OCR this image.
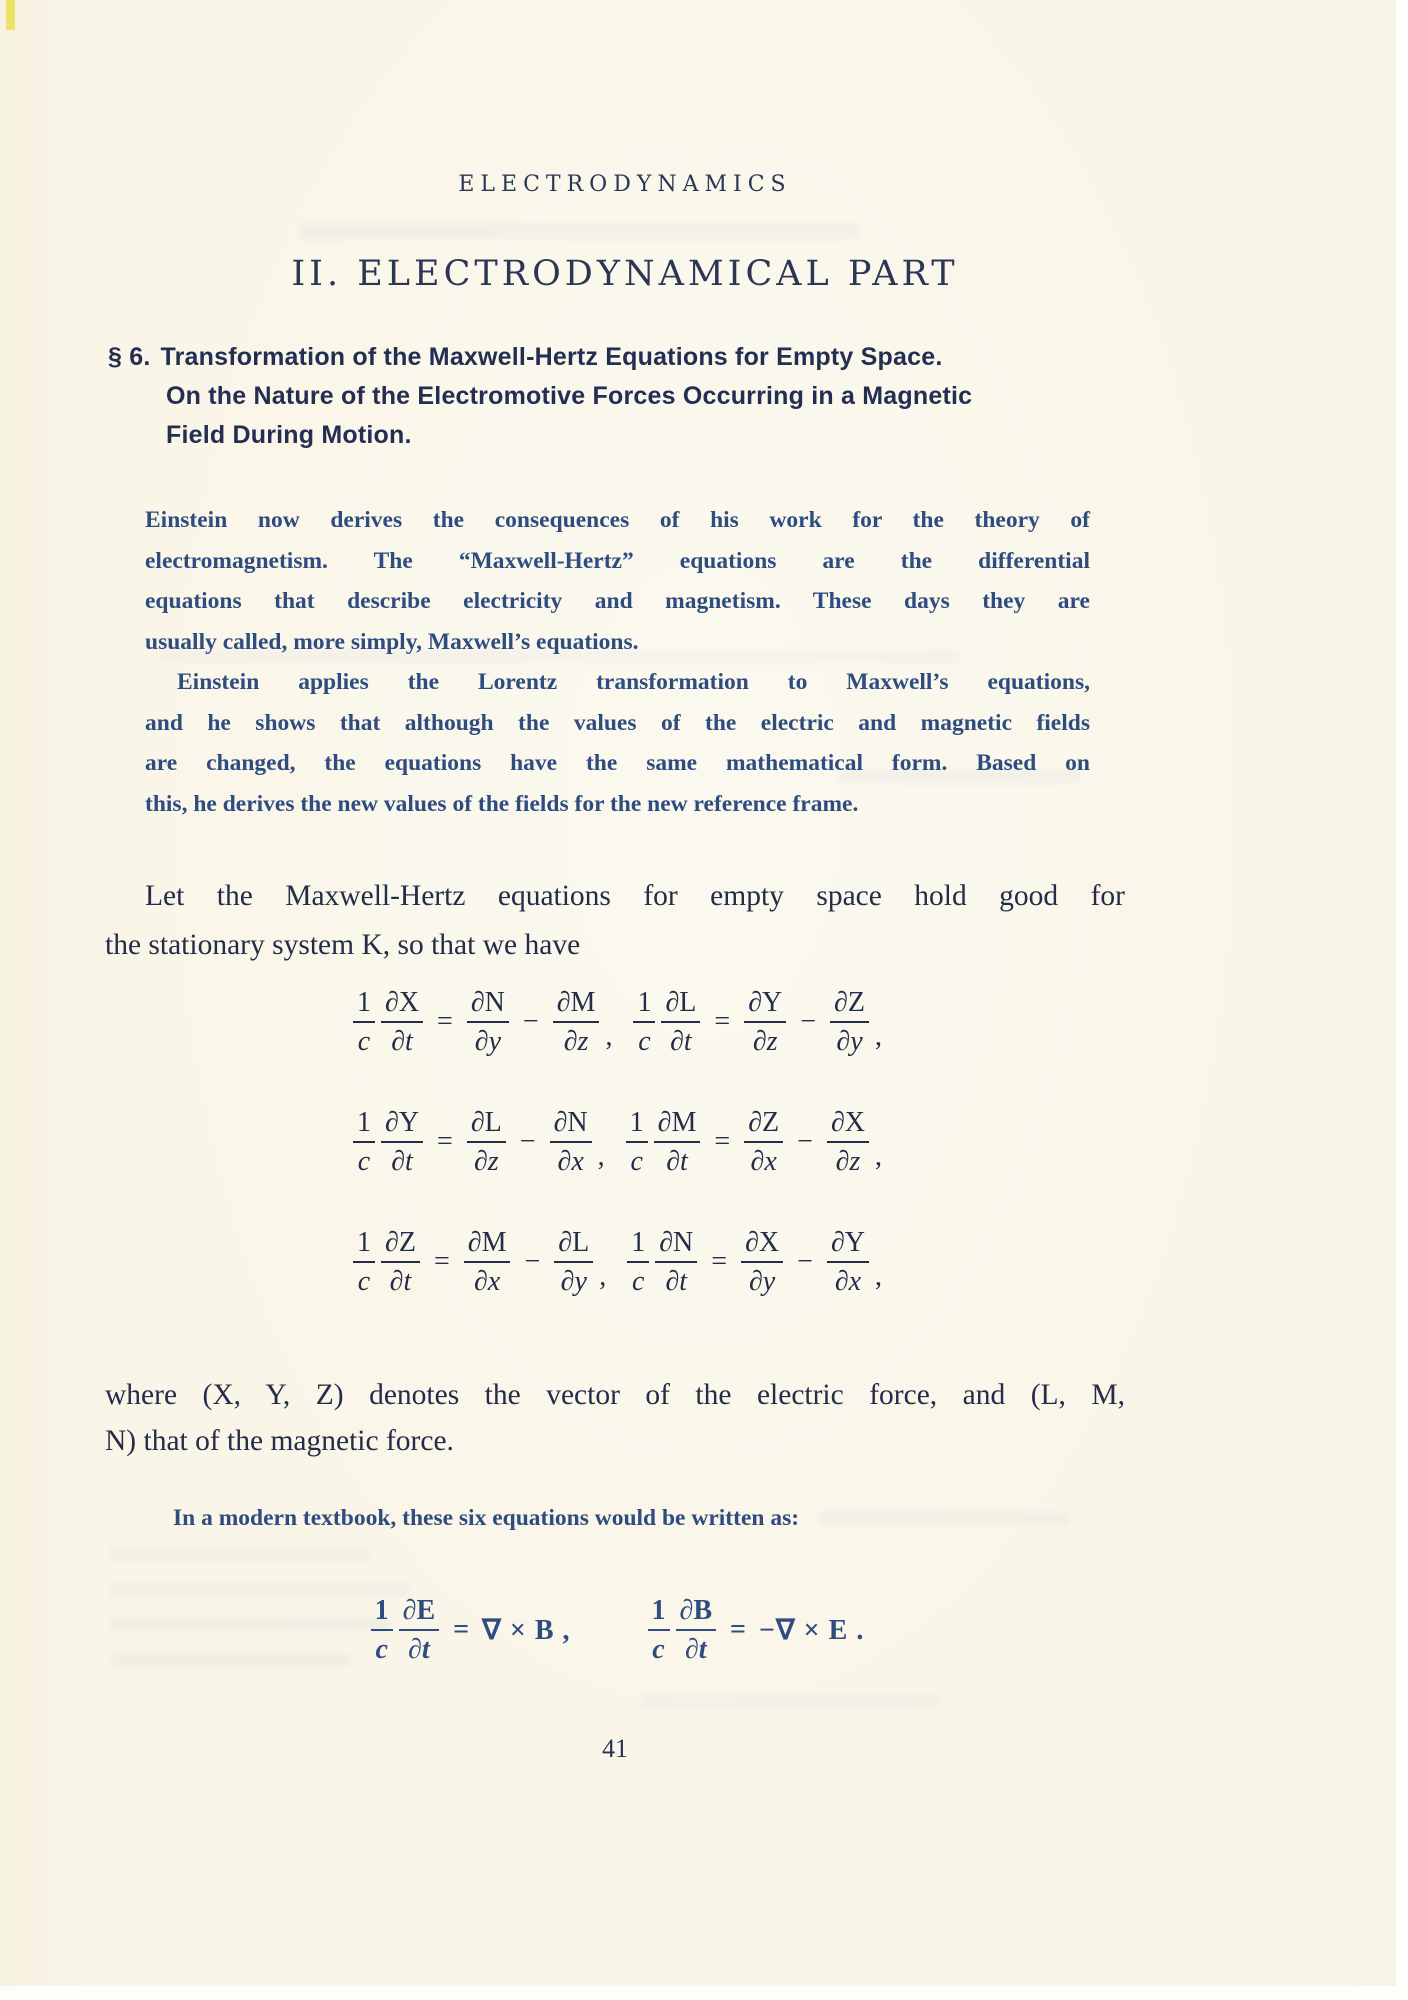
ELECTRODYNAMICS
II. ELECTRODYNAMICAL PART
§ 6. Transformation of the Maxwell-Hertz Equations for Empty Space.
On the Nature of the Electromotive Forces Occurring in a Magnetic
Field During Motion.
Einstein now derives the consequences of his work for the theory of
electromagnetism. The “Maxwell-Hertz” equations are the differential
equations that describe electricity and magnetism. These days they are
usually called, more simply, Maxwell’s equations.
Einstein applies the Lorentz transformation to Maxwell’s equations,
and he shows that although the values of the electric and magnetic fields
are changed, the equations have the same mathematical form. Based on
this, he derives the new values of the fields for the new reference frame.
Let the Maxwell-Hertz equations for empty space hold good for
the stationary system K, so that we have
$\frac{1}{c} \frac{\partial X}{\partial t} = \frac{\partial N}{\partial y} - \frac{\partial M}{\partial z}$ , $\frac{1}{c} \frac{\partial L}{\partial t} = \frac{\partial Y}{\partial z} - \frac{\partial Z}{\partial y}$ ,
$\frac{1}{c} \frac{\partial Y}{\partial t} = \frac{\partial L}{\partial z} - \frac{\partial N}{\partial x}$ , $\frac{1}{c} \frac{\partial M}{\partial t} = \frac{\partial Z}{\partial x} - \frac{\partial X}{\partial z}$ ,
$\frac{1}{c} \frac{\partial Z}{\partial t} = \frac{\partial M}{\partial x} - \frac{\partial L}{\partial y}$ , $\frac{1}{c} \frac{\partial N}{\partial t} = \frac{\partial X}{\partial y} - \frac{\partial Y}{\partial x}$ ,
where (X, Y, Z) denotes the vector of the electric force, and (L, M,
N) that of the magnetic force.
In a modern textbook, these six equations would be written as:
$\frac{1}{c} \frac{\partial E}{\partial t}$ = ∇ × B ,	$\frac{1}{c} \frac{\partial B}{\partial t}$ = −∇ × E .
41
